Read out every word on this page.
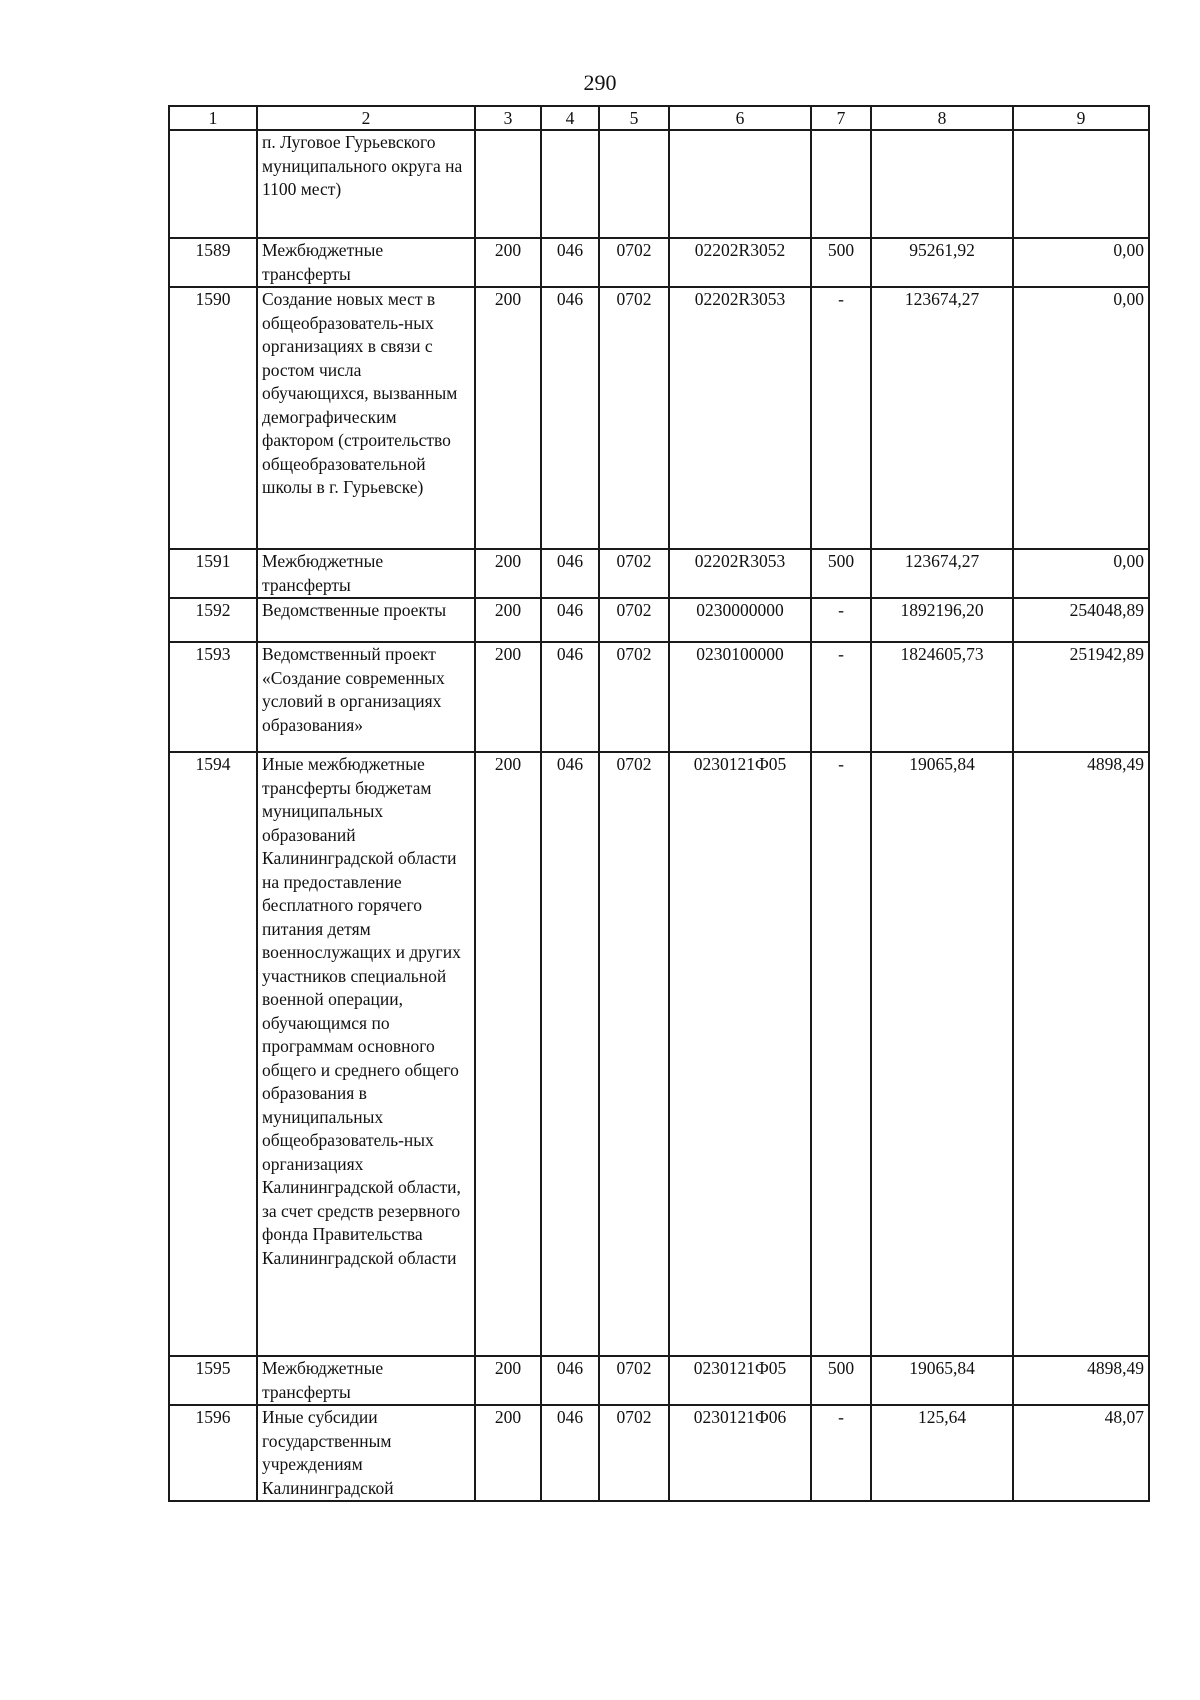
290
1	2	3	4	5	6	7	8	9
	п. Луговое Гурьевского муниципального округа на 1100 мест)							
1589	Межбюджетные трансферты	200	046	0702	02202R3052	500	95261,92	0,00
1590	Создание новых мест в общеобразователь-ных организациях в связи с ростом числа обучающихся, вызванным демографическим фактором (строительство общеобразовательной школы в г. Гурьевске)	200	046	0702	02202R3053	-	123674,27	0,00
1591	Межбюджетные трансферты	200	046	0702	02202R3053	500	123674,27	0,00
1592	Ведомственные проекты	200	046	0702	0230000000	-	1892196,20	254048,89
1593	Ведомственный проект «Создание современных условий в организациях образования»	200	046	0702	0230100000	-	1824605,73	251942,89
1594	Иные межбюджетные трансферты бюджетам муниципальных образований Калининградской области на предоставление бесплатного горячего питания детям военнослужащих и других участников специальной военной операции, обучающимся по программам основного общего и среднего общего образования в муниципальных общеобразователь-ных организациях Калининградской области, за счет средств резервного фонда Правительства Калининградской области	200	046	0702	0230121Ф05	-	19065,84	4898,49
1595	Межбюджетные трансферты	200	046	0702	0230121Ф05	500	19065,84	4898,49
1596	Иные субсидии государственным учреждениям Калининградской	200	046	0702	0230121Ф06	-	125,64	48,07
